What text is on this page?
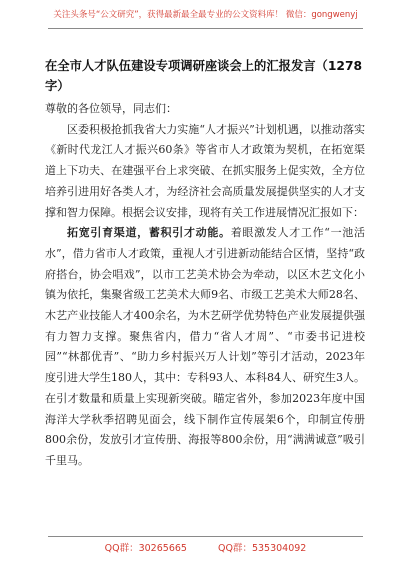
关注头条号“公文研究”，获得最新最全最专业的公文资料库！ 微信：gongwenyj
在全市人才队伍建设专项调研座谈会上的汇报发言（1278字）

尊敬的各位领导，同志们：

区委积极抢抓我省大力实施“人才振兴”计划机遇，以推动落实《新时代龙江人才振兴60条》等省市人才政策为契机，在拓宽渠道上下功夫、在建强平台上求突破、在抓实服务上促实效，全方位培养引进用好各类人才，为经济社会高质量发展提供坚实的人才支撑和智力保障。根据会议安排，现将有关工作进展情况汇报如下：

拓宽引育渠道，蓄积引才动能。着眼激发人才工作“一池活水”，借力省市人才政策，重视人才引进新动能结合区情，坚持“政府搭台，协会唱戏”，以市工艺美术协会为牵动，以区木艺文化小镇为依托，集聚省级工艺美术大师9名、市级工艺美术大师28名、木艺产业技能人才400余名，为木艺研学优势特色产业发展提供强有力智力支撑。聚焦省内，借力“省人才周”、“市委书记进校园”“林都优青”、“助力乡村振兴万人计划”等引才活动，2023年度引进大学生180人，其中：专科93人、本科84人、研究生3人。在引才数量和质量上实现新突破。瞄定省外，参加2023年度中国海洋大学秋季招聘见面会，线下制作宣传展架6个，印制宣传册800余份，发放引才宣传册、海报等800余份，用“满满诚意”吸引千里马。

QQ群：30265665	QQ群：535304092
